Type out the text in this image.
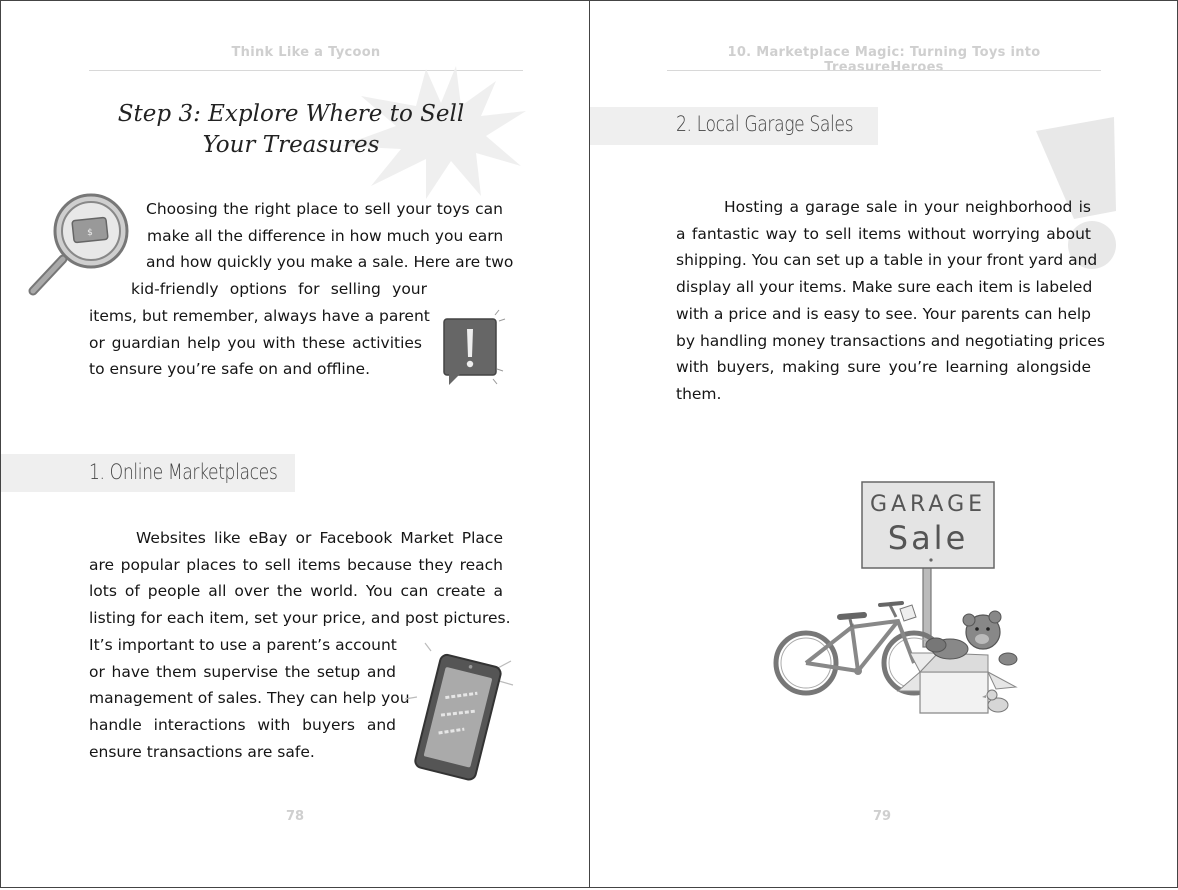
Think Like a Tycoon
Step 3: Explore Where to Sell
Your Treasures
$
Choosing the right place to sell your toys can
make all the difference in how much you earn
and how quickly you make a sale. Here are two
kid-friendly options for selling your
items, but remember, always have a parent
or guardian help you with these activities
to ensure you’re safe on and offline.
1. Online Marketplaces
Websites like eBay or Facebook Market Place
are popular places to sell items because they reach
lots of people all over the world. You can create a
listing for each item, set your price, and post pictures.
It’s important to use a parent’s account
or have them supervise the setup and
management of sales. They can help you
handle interactions with buyers and
ensure transactions are safe.
78
10. Marketplace Magic: Turning Toys into TreasureHeroes
2. Local Garage Sales
Hosting a garage sale in your neighborhood is
a fantastic way to sell items without worrying about
shipping. You can set up a table in your front yard and
display all your items. Make sure each item is labeled
with a price and is easy to see. Your parents can help
by handling money transactions and negotiating prices
with buyers, making sure you’re learning alongside
them.
GARAGE
Sale
79
